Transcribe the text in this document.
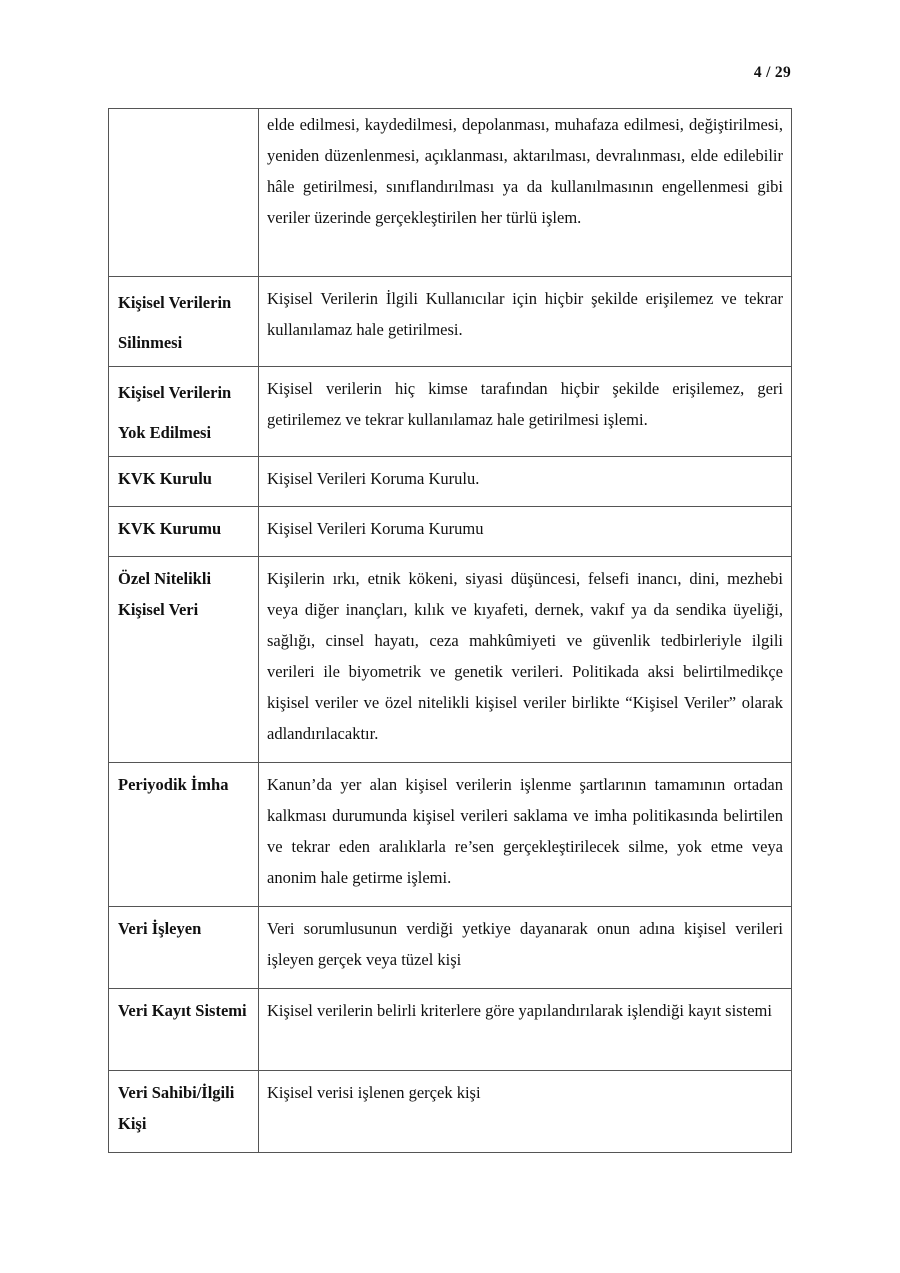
4 / 29

	elde edilmesi, kaydedilmesi, depolanması, muhafaza edilmesi, değiştirilmesi, yeniden düzenlenmesi, açıklanması, aktarılması, devralınması, elde edilebilir hâle getirilmesi, sınıflandırılması ya da kullanılmasının engellenmesi gibi veriler üzerinde gerçekleştirilen her türlü işlem.

Kişisel Verilerin Silinmesi	Kişisel Verilerin İlgili Kullanıcılar için hiçbir şekilde erişilemez ve tekrar kullanılamaz hale getirilmesi.

Kişisel Verilerin Yok Edilmesi	Kişisel verilerin hiç kimse tarafından hiçbir şekilde erişilemez, geri getirilemez ve tekrar kullanılamaz hale getirilmesi işlemi.

KVK Kurulu	Kişisel Verileri Koruma Kurulu.

KVK Kurumu	Kişisel Verileri Koruma Kurumu

Özel Nitelikli Kişisel Veri	Kişilerin ırkı, etnik kökeni, siyasi düşüncesi, felsefi inancı, dini, mezhebi veya diğer inançları, kılık ve kıyafeti, dernek, vakıf ya da sendika üyeliği, sağlığı, cinsel hayatı, ceza mahkûmiyeti ve güvenlik tedbirleriyle ilgili verileri ile biyometrik ve genetik verileri. Politikada aksi belirtilmedikçe kişisel veriler ve özel nitelikli kişisel veriler birlikte “Kişisel Veriler” olarak adlandırılacaktır.

Periyodik İmha	Kanun’da yer alan kişisel verilerin işlenme şartlarının tamamının ortadan kalkması durumunda kişisel verileri saklama ve imha politikasında belirtilen ve tekrar eden aralıklarla re’sen gerçekleştirilecek silme, yok etme veya anonim hale getirme işlemi.

Veri İşleyen	Veri sorumlusunun verdiği yetkiye dayanarak onun adına kişisel verileri işleyen gerçek veya tüzel kişi

Veri Kayıt Sistemi	Kişisel verilerin belirli kriterlere göre yapılandırılarak işlendiği kayıt sistemi

Veri Sahibi/İlgili Kişi	Kişisel verisi işlenen gerçek kişi
